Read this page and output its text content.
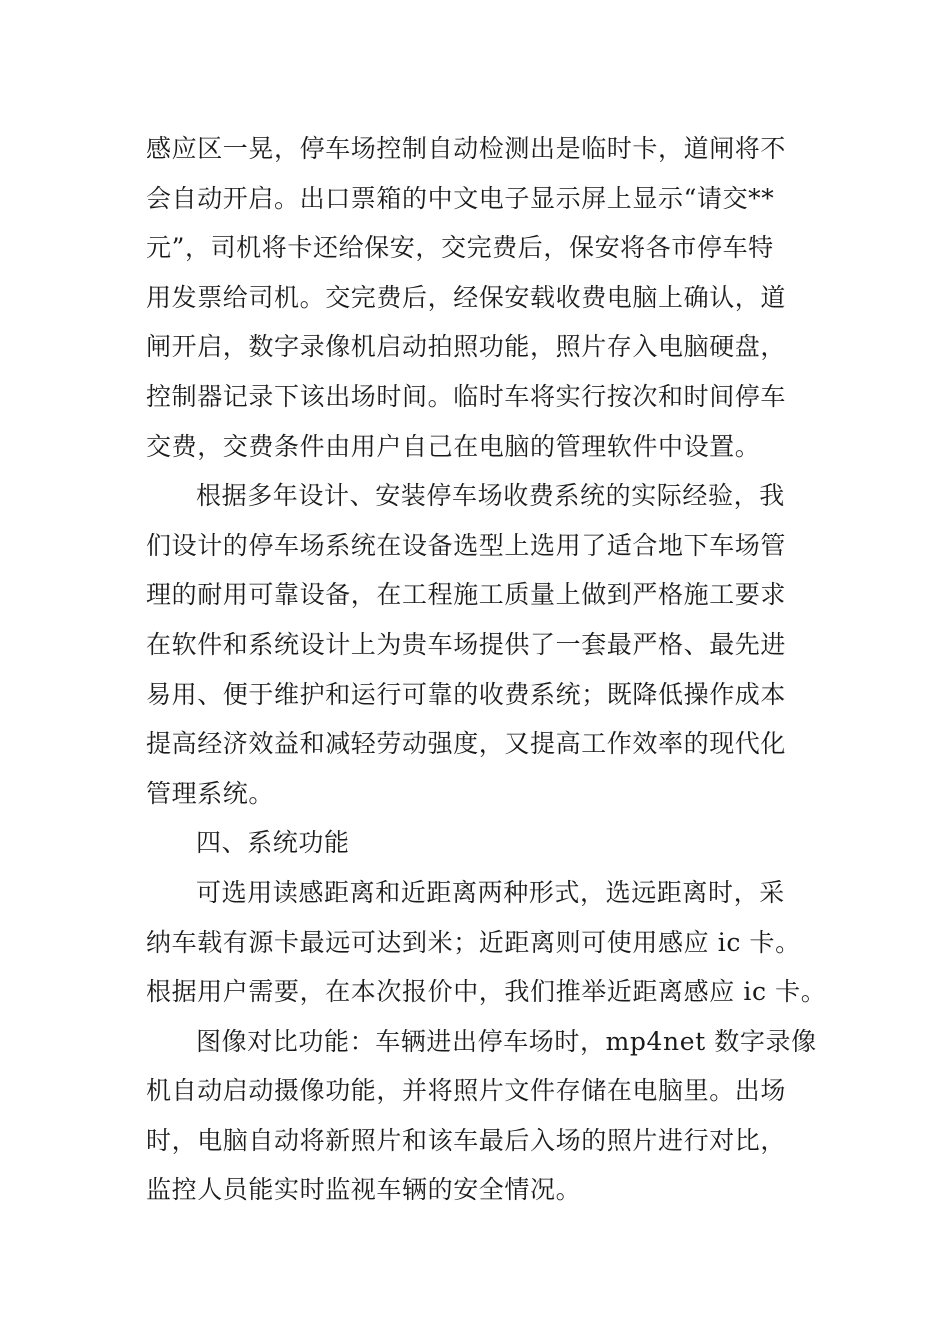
感应区一晃，停车场控制自动检测出是临时卡，道闸将不
会自动开启。出口票箱的中文电子显示屏上显示“请交**
元”，司机将卡还给保安，交完费后，保安将各市停车特
用发票给司机。交完费后，经保安载收费电脑上确认，道
闸开启，数字录像机启动拍照功能，照片存入电脑硬盘，
控制器记录下该出场时间。临时车将实行按次和时间停车
交费，交费条件由用户自己在电脑的管理软件中设置。
根据多年设计、安装停车场收费系统的实际经验，我
们设计的停车场系统在设备选型上选用了适合地下车场管
理的耐用可靠设备，在工程施工质量上做到严格施工要求
在软件和系统设计上为贵车场提供了一套最严格、最先进
易用、便于维护和运行可靠的收费系统；既降低操作成本
提高经济效益和减轻劳动强度，又提高工作效率的现代化
管理系统。
四、系统功能
可选用读感距离和近距离两种形式，选远距离时，采
纳车载有源卡最远可达到米；近距离则可使用感应 ic 卡。
根据用户需要，在本次报价中，我们推举近距离感应 ic 卡。
图像对比功能：车辆进出停车场时，mp4net 数字录像
机自动启动摄像功能，并将照片文件存储在电脑里。出场
时，电脑自动将新照片和该车最后入场的照片进行对比，
监控人员能实时监视车辆的安全情况。
